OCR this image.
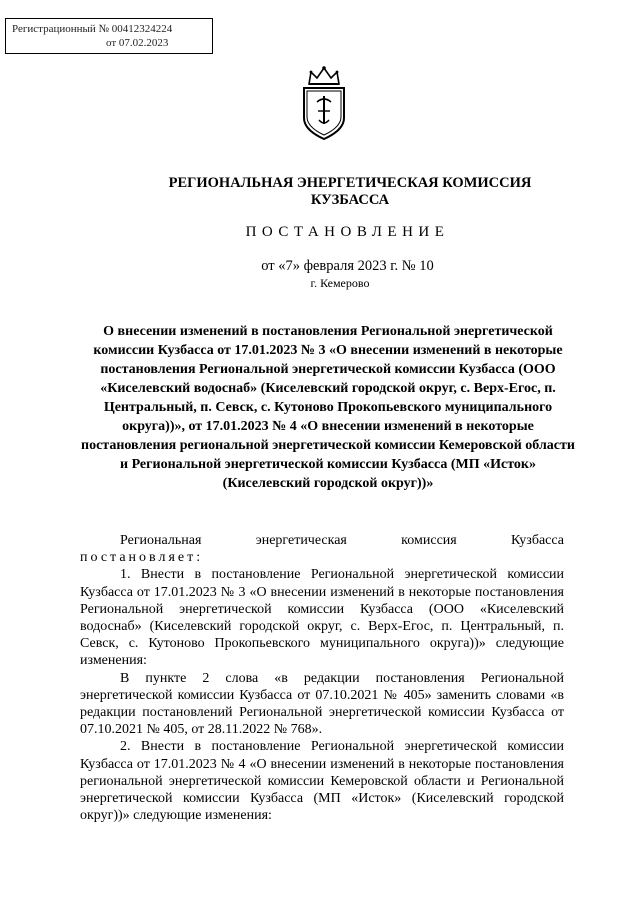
Регистрационный № 00412324224
от 07.02.2023
РЕГИОНАЛЬНАЯ ЭНЕРГЕТИЧЕСКАЯ КОМИССИЯ
КУЗБАССА
ПОСТАНОВЛЕНИЕ
от «7» февраля 2023 г. № 10
г. Кемерово
О внесении изменений в постановления Региональной энергетической комиссии Кузбасса от 17.01.2023 № 3 «О внесении изменений в некоторые постановления Региональной энергетической комиссии Кузбасса (ООО «Киселевский водоснаб» (Киселевский городской округ, с. Верх-Егос, п. Центральный, п. Севск, с. Кутоново Прокопьевского муниципального округа))», от 17.01.2023 № 4 «О внесении изменений в некоторые постановления региональной энергетической комиссии Кемеровской области и Региональной энергетической комиссии Кузбасса (МП «Исток» (Киселевский городской округ))»

Региональная энергетическая комиссия Кузбасса

постановляет:

1. Внести в постановление Региональной энергетической комиссии Кузбасса от 17.01.2023 № 3 «О внесении изменений в некоторые постановления Региональной энергетической комиссии Кузбасса (ООО «Киселевский водоснаб» (Киселевский городской округ, с. Верх-Егос, п. Центральный, п. Севск, с. Кутоново Прокопьевского муниципального округа))» следующие изменения:

В пункте 2 слова «в редакции постановления Региональной энергетической комиссии Кузбасса от 07.10.2021 № 405» заменить словами «в редакции постановлений Региональной энергетической комиссии Кузбасса от 07.10.2021 № 405, от 28.11.2022 № 768».

2. Внести в постановление Региональной энергетической комиссии Кузбасса от 17.01.2023 № 4 «О внесении изменений в некоторые постановления региональной энергетической комиссии Кемеровской области и Региональной энергетической комиссии Кузбасса (МП «Исток» (Киселевский городской округ))» следующие изменения:
